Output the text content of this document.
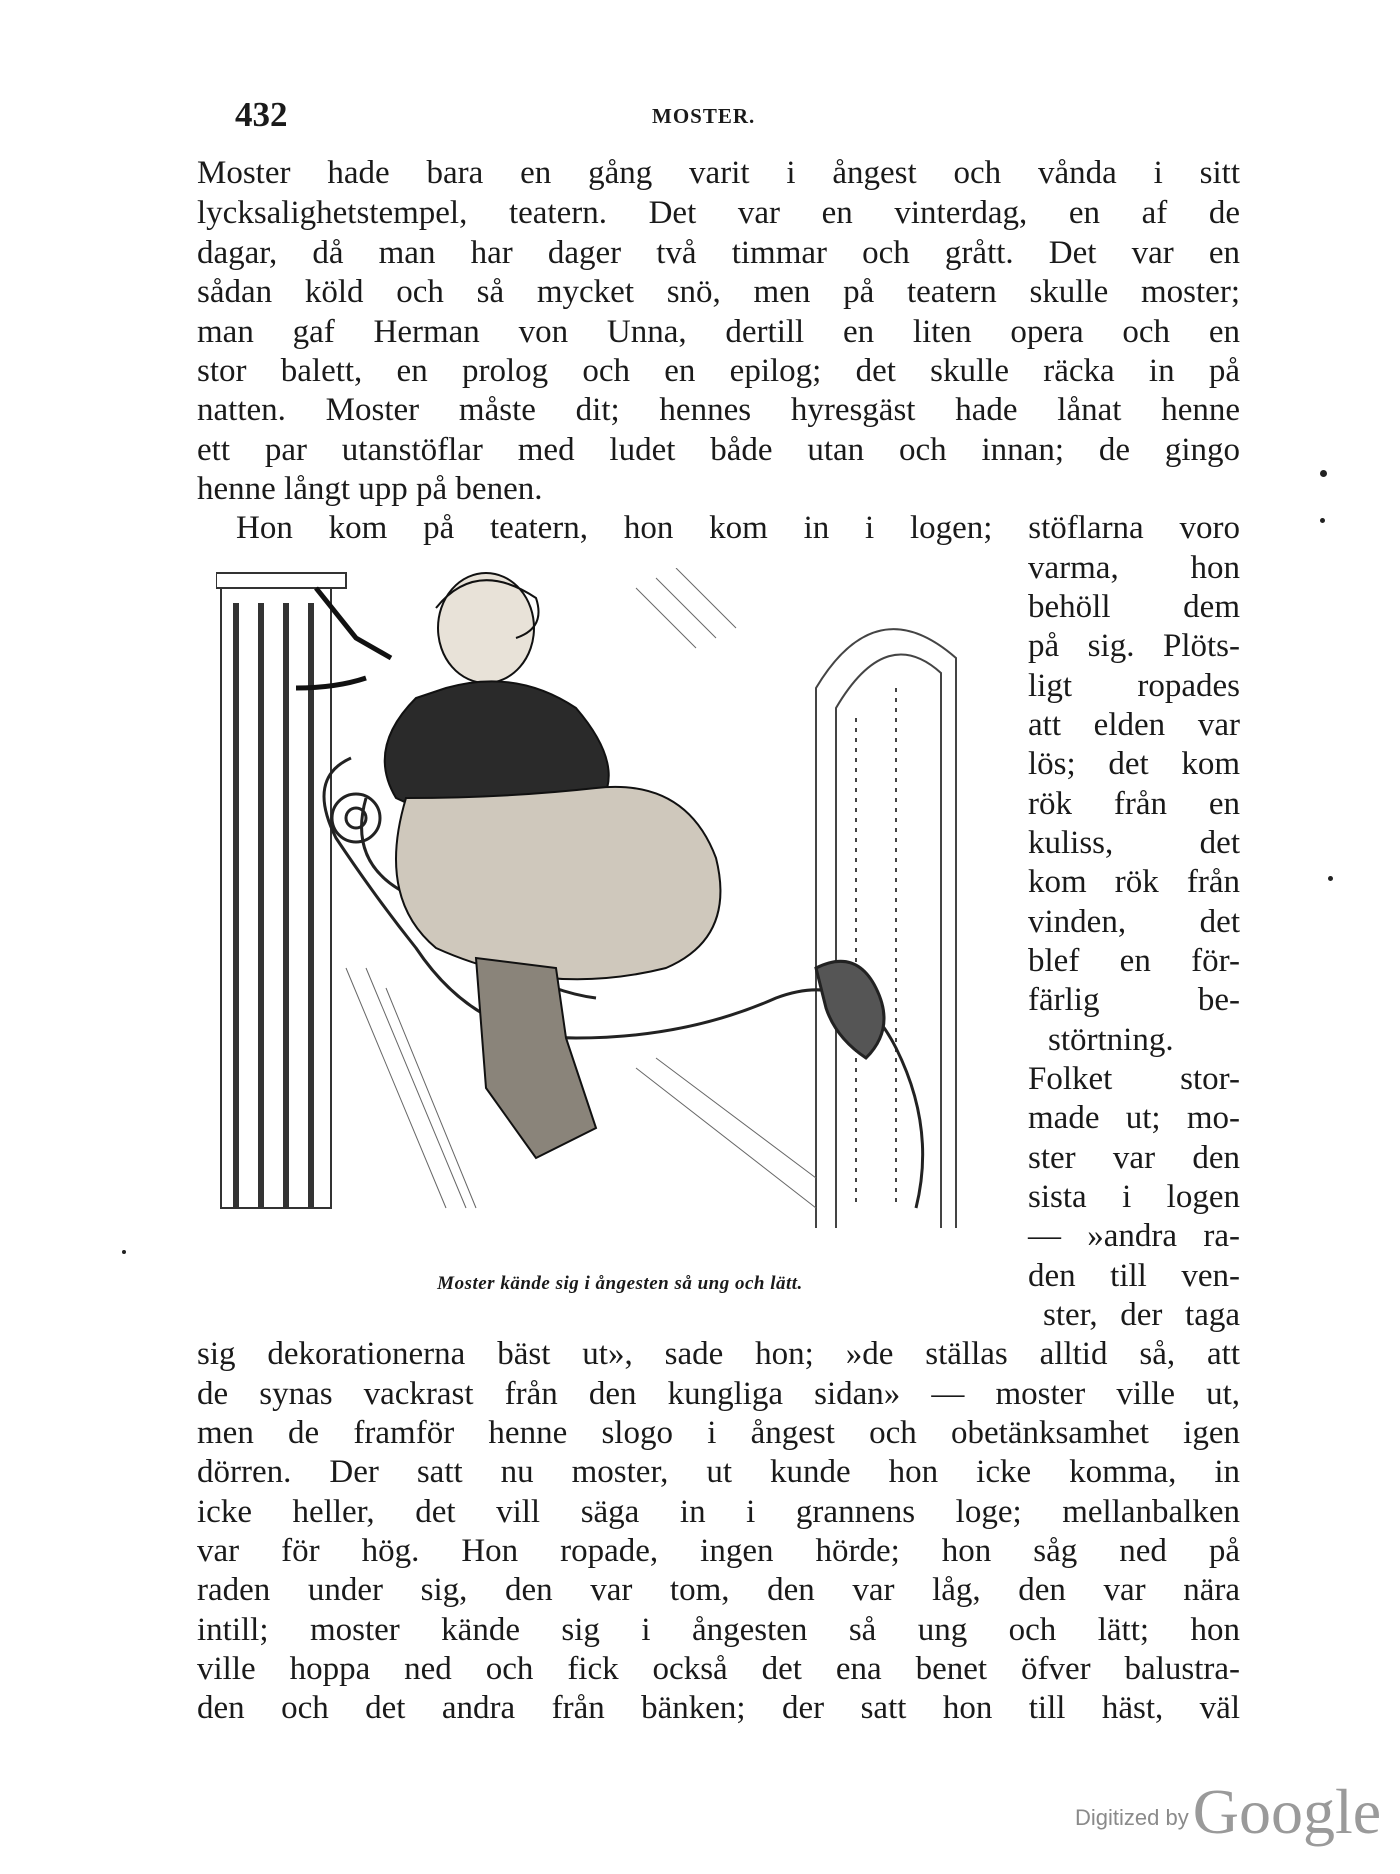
432	MOSTER.
Moster hade bara en gång varit i ångest och vånda i sitt
lycksalighetstempel, teatern. Det var en vinterdag, en af de
dagar, då man har dager två timmar och grått. Det var en
sådan köld och så mycket snö, men på teatern skulle moster;
man gaf Herman von Unna, dertill en liten opera och en
stor balett, en prolog och en epilog; det skulle räcka in på
natten. Moster måste dit; hennes hyresgäst hade lånat henne
ett par utanstöflar med ludet både utan och innan; de gingo
henne långt upp på benen.
Hon kom på teatern, hon kom in i logen; stöflarna voro
varma, hon
behöll dem
på sig. Plöts-
ligt ropades
att elden var
lös; det kom
rök från en
kuliss, det
kom rök från
vinden, det
blef en för-
färlig be-
störtning.
Folket stor-
made ut; mo-
ster var den
sista i logen
— »andra ra-
den till ven-
ster, der taga
Moster kände sig i ångesten så ung och lätt.
sig dekorationerna bäst ut», sade hon; »de ställas alltid så, att
de synas vackrast från den kungliga sidan» — moster ville ut,
men de framför henne slogo i ångest och obetänksamhet igen
dörren. Der satt nu moster, ut kunde hon icke komma, in
icke heller, det vill säga in i grannens loge; mellanbalken
var för hög. Hon ropade, ingen hörde; hon såg ned på
raden under sig, den var tom, den var låg, den var nära
intill; moster kände sig i ångesten så ung och lätt; hon
ville hoppa ned och fick också det ena benet öfver balustra-
den och det andra från bänken; der satt hon till häst, väl
Digitized by Google
